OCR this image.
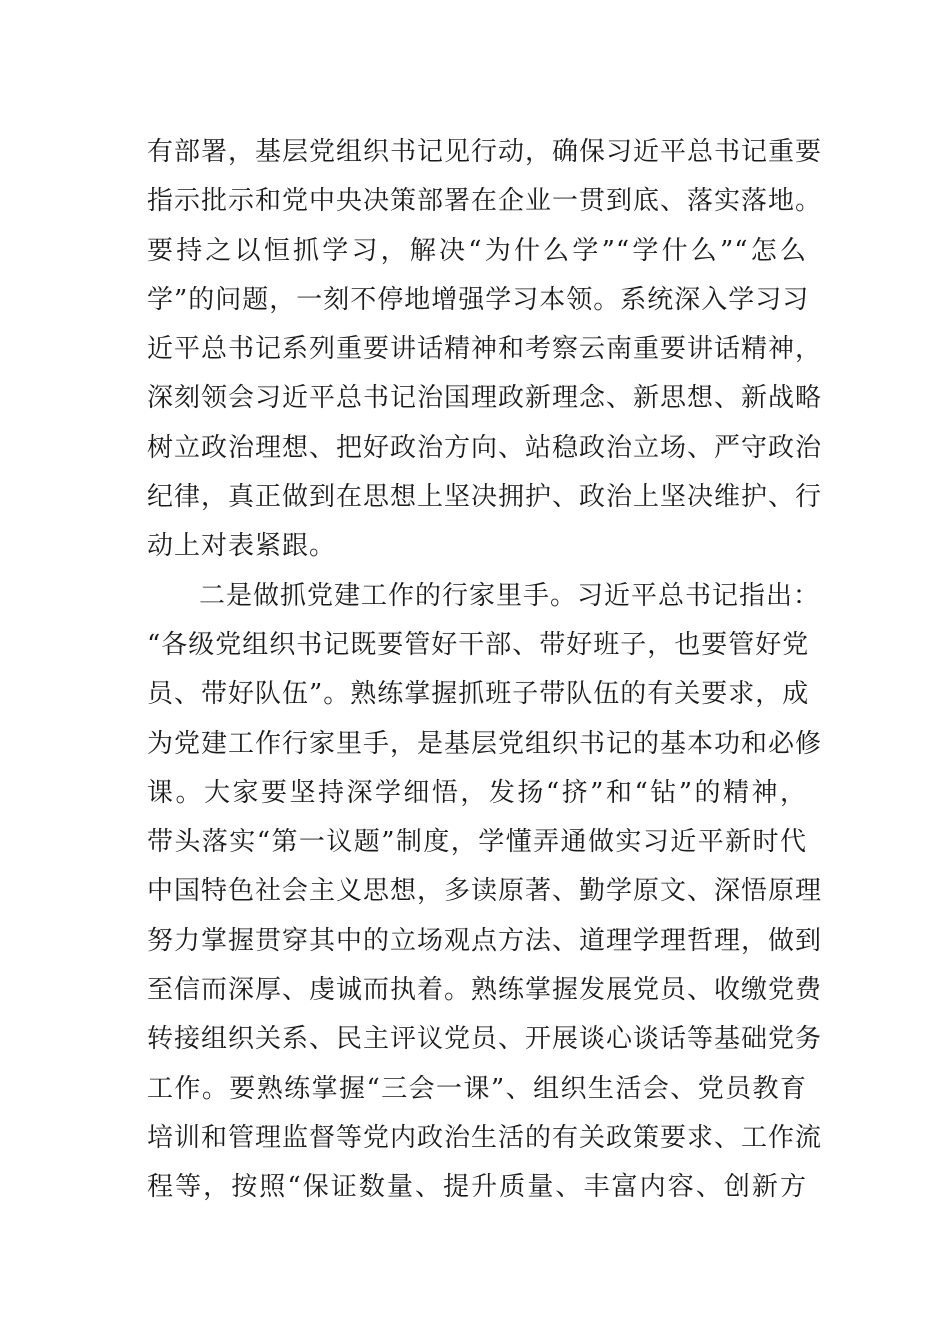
有部署，基层党组织书记见行动，确保习近平总书记重要
指示批示和党中央决策部署在企业一贯到底、落实落地。
要持之以恒抓学习，解决“为什么学”“学什么”“怎么
学”的问题，一刻不停地增强学习本领。系统深入学习习
近平总书记系列重要讲话精神和考察云南重要讲话精神，
深刻领会习近平总书记治国理政新理念、新思想、新战略
树立政治理想、把好政治方向、站稳政治立场、严守政治
纪律，真正做到在思想上坚决拥护、政治上坚决维护、行
动上对表紧跟。
二是做抓党建工作的行家里手。习近平总书记指出：
“各级党组织书记既要管好干部、带好班子，也要管好党
员、带好队伍”。熟练掌握抓班子带队伍的有关要求，成
为党建工作行家里手，是基层党组织书记的基本功和必修
课。大家要坚持深学细悟，发扬“挤”和“钻”的精神，
带头落实“第一议题”制度，学懂弄通做实习近平新时代
中国特色社会主义思想，多读原著、勤学原文、深悟原理
努力掌握贯穿其中的立场观点方法、道理学理哲理，做到
至信而深厚、虔诚而执着。熟练掌握发展党员、收缴党费
转接组织关系、民主评议党员、开展谈心谈话等基础党务
工作。要熟练掌握“三会一课”、组织生活会、党员教育
培训和管理监督等党内政治生活的有关政策要求、工作流
程等，按照“保证数量、提升质量、丰富内容、创新方
